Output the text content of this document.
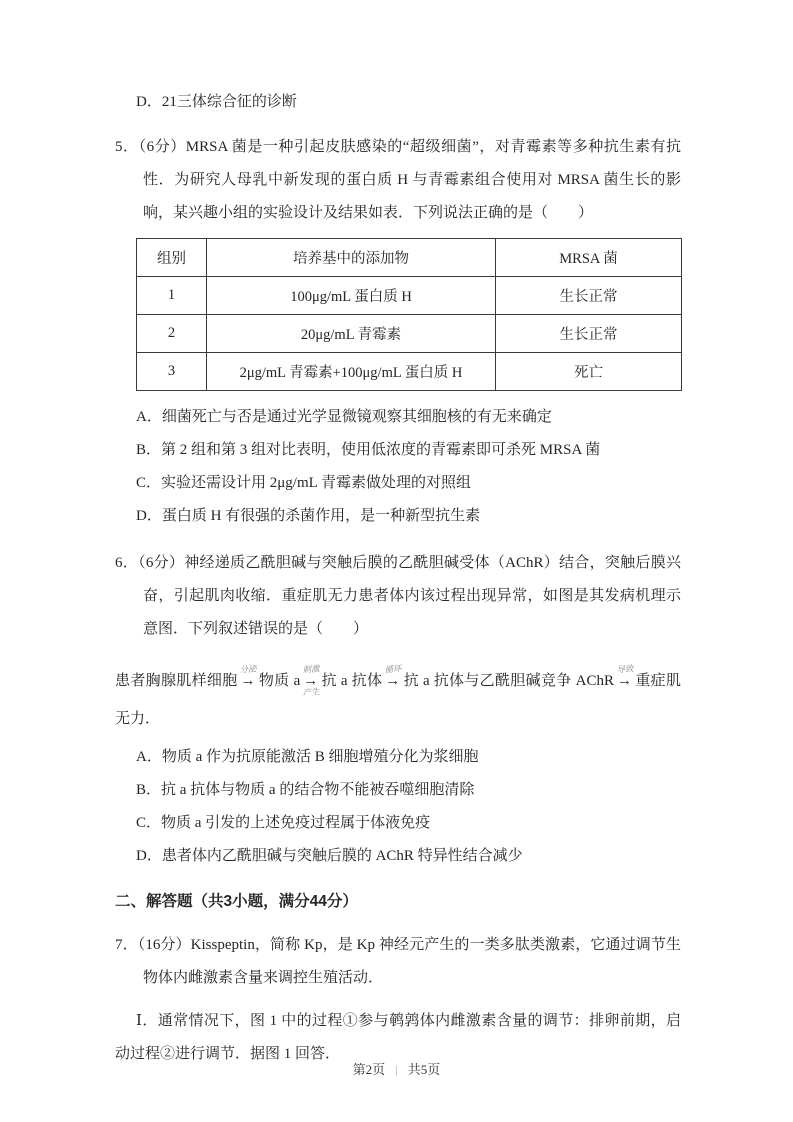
D．21三体综合征的诊断

5．（6分）MRSA 菌是一种引起皮肤感染的“超级细菌”，对青霉素等多种抗生素有抗性．为研究人母乳中新发现的蛋白质 H 与青霉素组合使用对 MRSA 菌生长的影响，某兴趣小组的实验设计及结果如表．下列说法正确的是（　　）

组别	培养基中的添加物	MRSA 菌
1	100μg/mL 蛋白质 H	生长正常
2	20μg/mL 青霉素	生长正常
3	2μg/mL 青霉素+100μg/mL 蛋白质 H	死亡

A．细菌死亡与否是通过光学显微镜观察其细胞核的有无来确定

B．第 2 组和第 3 组对比表明，使用低浓度的青霉素即可杀死 MRSA 菌

C．实验还需设计用 2μg/mL 青霉素做处理的对照组

D．蛋白质 H 有很强的杀菌作用，是一种新型抗生素

6．（6分）神经递质乙酰胆碱与突触后膜的乙酰胆碱受体（AChR）结合，突触后膜兴奋，引起肌肉收缩．重症肌无力患者体内该过程出现异常，如图是其发病机理示意图．下列叙述错误的是（　　）

患者胸腺肌样细胞
分泌
→ 物质 a
刺激
产生
→ 抗 a 抗体
循环
→ 抗 a 抗体与乙酰胆碱竞争 AChR
导致
→ 重症肌无力．

A．物质 a 作为抗原能激活 B 细胞增殖分化为浆细胞

B．抗 a 抗体与物质 a 的结合物不能被吞噬细胞清除

C．物质 a 引发的上述免疫过程属于体液免疫

D．患者体内乙酰胆碱与突触后膜的 AChR 特异性结合减少

二、解答题（共3小题，满分44分）

7．（16分）Kisspeptin，简称 Kp，是 Kp 神经元产生的一类多肽类激素，它通过调节生物体内雌激素含量来调控生殖活动．

Ⅰ．通常情况下，图 1 中的过程①参与鹌鹑体内雌激素含量的调节：排卵前期，启动过程②进行调节．据图 1 回答．

第2页 | 共5页
